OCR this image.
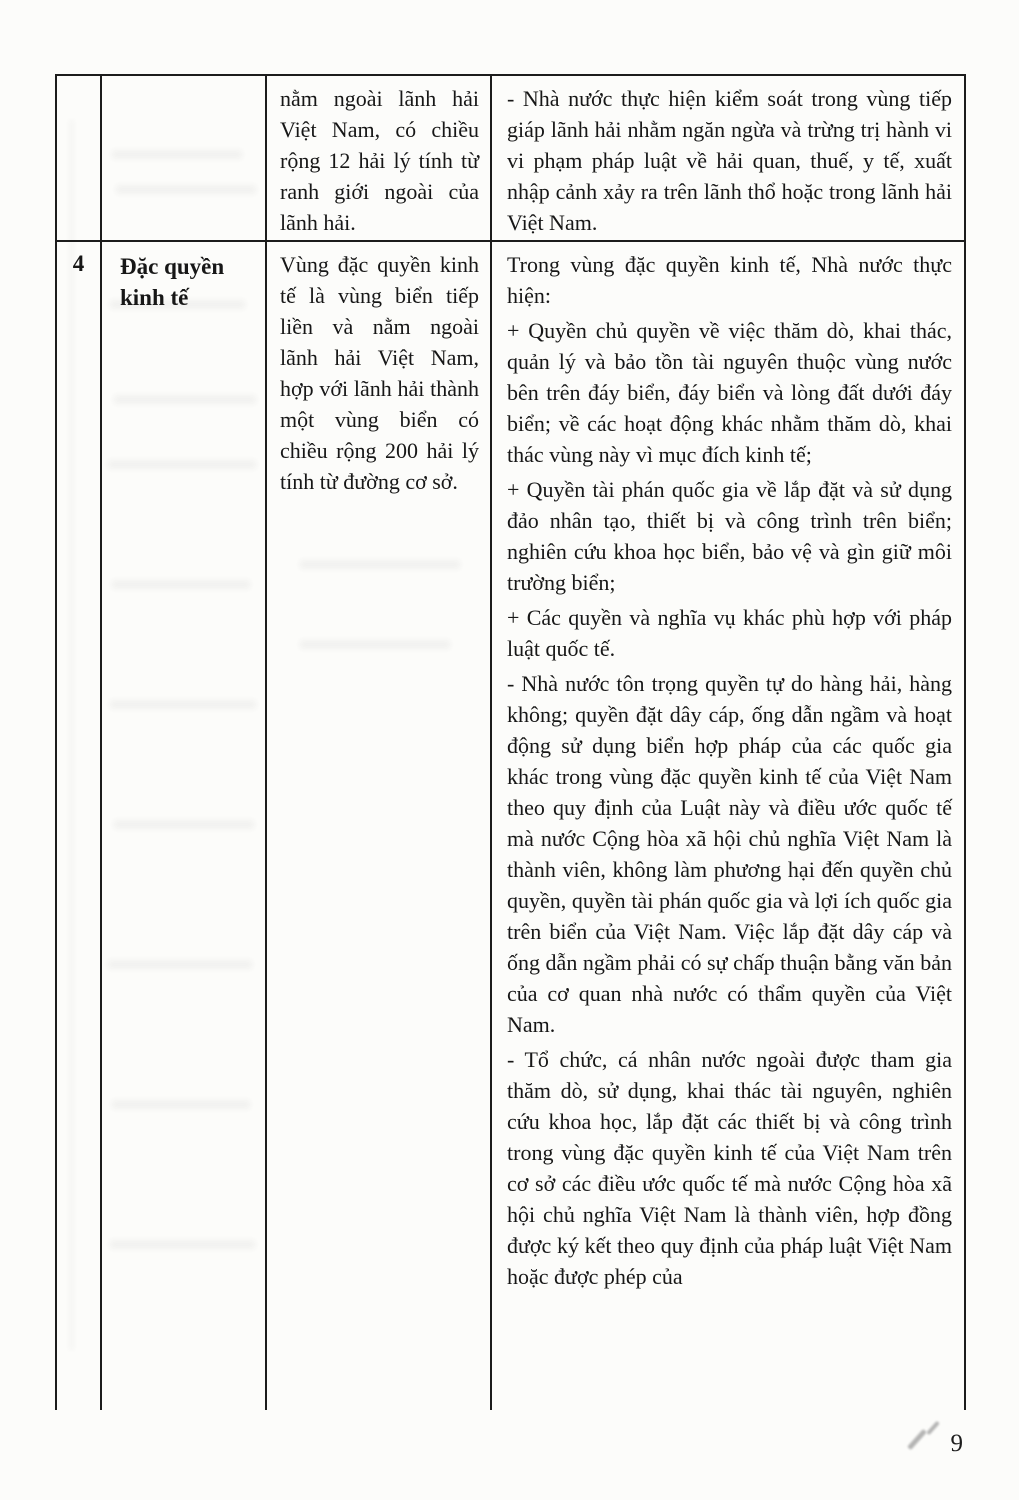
nằm ngoài lãnh hải Việt Nam, có chiều rộng 12 hải lý tính từ ranh giới ngoài của lãnh hải.

- Nhà nước thực hiện kiểm soát trong vùng tiếp giáp lãnh hải nhằm ngăn ngừa và trừng trị hành vi vi phạm pháp luật về hải quan, thuế, y tế, xuất nhập cảnh xảy ra trên lãnh thổ hoặc trong lãnh hải Việt Nam.

4	Đặc quyền kinh tế

Vùng đặc quyền kinh tế là vùng biển tiếp liền và nằm ngoài lãnh hải Việt Nam, hợp với lãnh hải thành một vùng biển có chiều rộng 200 hải lý tính từ đường cơ sở.

Trong vùng đặc quyền kinh tế, Nhà nước thực hiện:

+ Quyền chủ quyền về việc thăm dò, khai thác, quản lý và bảo tồn tài nguyên thuộc vùng nước bên trên đáy biển, đáy biển và lòng đất dưới đáy biển; về các hoạt động khác nhằm thăm dò, khai thác vùng này vì mục đích kinh tế;

+ Quyền tài phán quốc gia về lắp đặt và sử dụng đảo nhân tạo, thiết bị và công trình trên biển; nghiên cứu khoa học biển, bảo vệ và gìn giữ môi trường biển;

+ Các quyền và nghĩa vụ khác phù hợp với pháp luật quốc tế.

- Nhà nước tôn trọng quyền tự do hàng hải, hàng không; quyền đặt dây cáp, ống dẫn ngầm và hoạt động sử dụng biển hợp pháp của các quốc gia khác trong vùng đặc quyền kinh tế của Việt Nam theo quy định của Luật này và điều ước quốc tế mà nước Cộng hòa xã hội chủ nghĩa Việt Nam là thành viên, không làm phương hại đến quyền chủ quyền, quyền tài phán quốc gia và lợi ích quốc gia trên biển của Việt Nam. Việc lắp đặt dây cáp và ống dẫn ngầm phải có sự chấp thuận bằng văn bản của cơ quan nhà nước có thẩm quyền của Việt Nam.

- Tổ chức, cá nhân nước ngoài được tham gia thăm dò, sử dụng, khai thác tài nguyên, nghiên cứu khoa học, lắp đặt các thiết bị và công trình trong vùng đặc quyền kinh tế của Việt Nam trên cơ sở các điều ước quốc tế mà nước Cộng hòa xã hội chủ nghĩa Việt Nam là thành viên, hợp đồng được ký kết theo quy định của pháp luật Việt Nam hoặc được phép của

9
